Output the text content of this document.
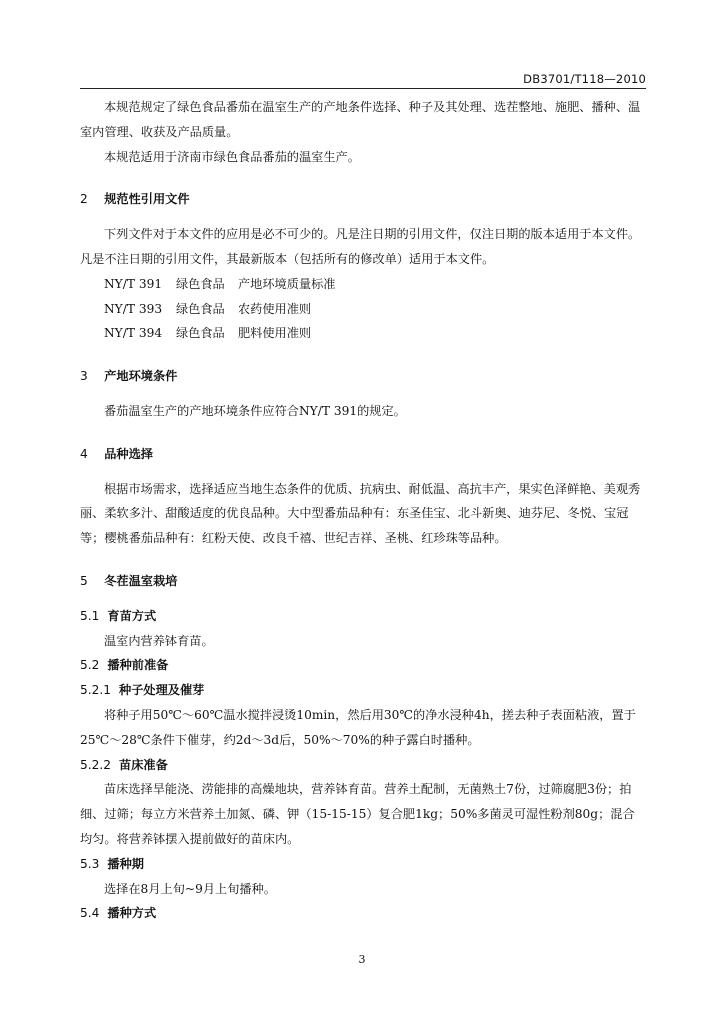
DB3701/T118—2010

本规范规定了绿色食品番茄在温室生产的产地条件选择、种子及其处理、选茬整地、施肥、播种、温室内管理、收获及产品质量。

本规范适用于济南市绿色食品番茄的温室生产。

2 规范性引用文件

下列文件对于本文件的应用是必不可少的。凡是注日期的引用文件，仅注日期的版本适用于本文件。凡是不注日期的引用文件，其最新版本（包括所有的修改单）适用于本文件。

NY/T 391 绿色食品 产地环境质量标准

NY/T 393 绿色食品 农药使用准则

NY/T 394 绿色食品 肥料使用准则

3 产地环境条件

番茄温室生产的产地环境条件应符合NY/T 391的规定。

4 品种选择

根据市场需求，选择适应当地生态条件的优质、抗病虫、耐低温、高抗丰产，果实色泽鲜艳、美观秀丽、柔软多汁、甜酸适度的优良品种。大中型番茄品种有：东圣佳宝、北斗新奥、迪芬尼、冬悦、宝冠等；樱桃番茄品种有：红粉天使、改良千禧、世纪吉祥、圣桃、红珍珠等品种。

5 冬茬温室栽培

5.1 育苗方式

温室内营养钵育苗。

5.2 播种前准备

5.2.1 种子处理及催芽

将种子用50℃～60℃温水搅拌浸烫10min，然后用30℃的净水浸种4h，搓去种子表面粘液，置于25℃～28℃条件下催芽，约2d～3d后，50%～70%的种子露白时播种。

5.2.2 苗床准备

苗床选择旱能浇、涝能排的高燥地块，营养钵育苗。营养土配制，无菌熟土7份，过筛腐肥3份；拍细、过筛；每立方米营养土加氮、磷、钾（15-15-15）复合肥1kg；50%多菌灵可湿性粉剂80g；混合均匀。将营养钵摆入提前做好的苗床内。

5.3 播种期

选择在8月上旬~9月上旬播种。

5.4 播种方式

3
